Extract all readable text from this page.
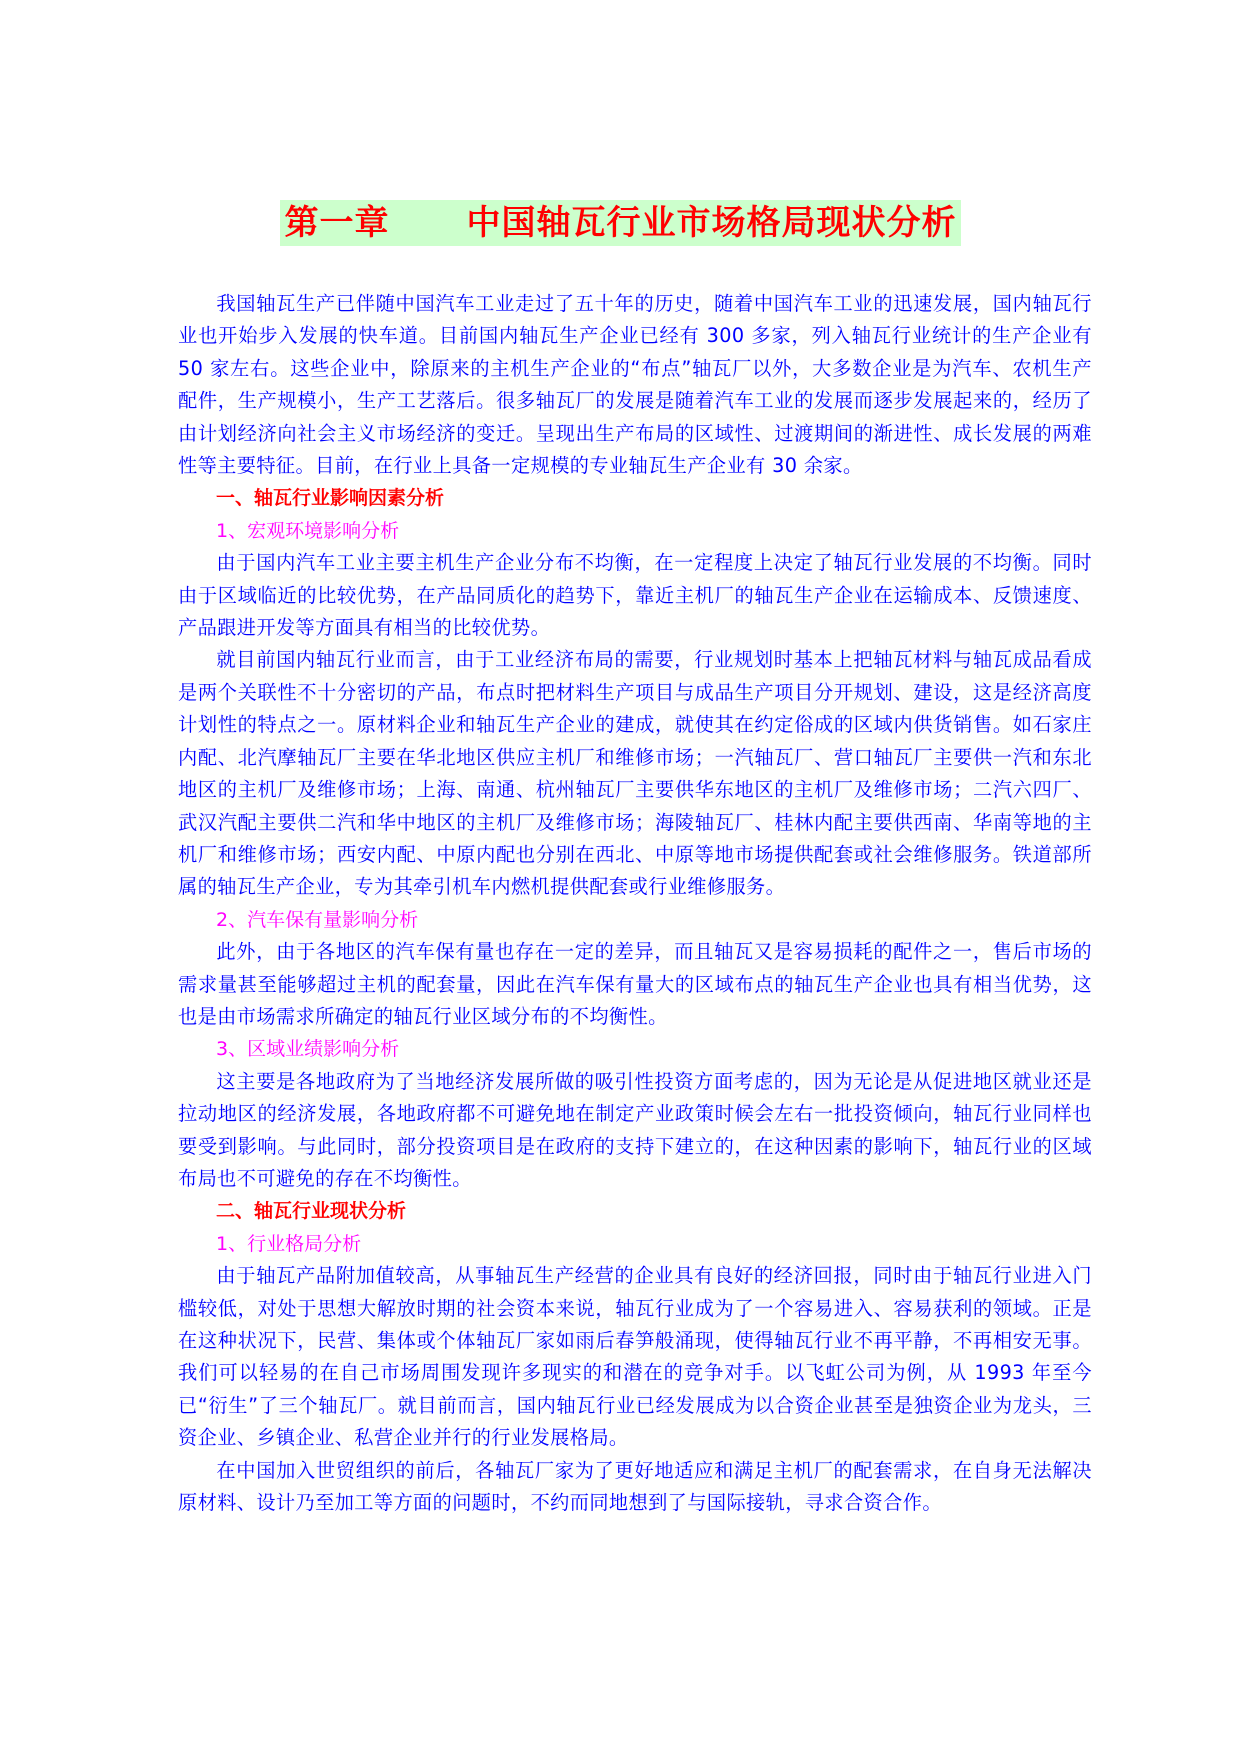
第一章      中国轴瓦行业市场格局现状分析

我国轴瓦生产已伴随中国汽车工业走过了五十年的历史，随着中国汽车工业的迅速发展，国内轴瓦行业也开始步入发展的快车道。目前国内轴瓦生产企业已经有 300 多家，列入轴瓦行业统计的生产企业有 50 家左右。这些企业中，除原来的主机生产企业的“布点”轴瓦厂以外，大多数企业是为汽车、农机生产配件，生产规模小，生产工艺落后。很多轴瓦厂的发展是随着汽车工业的发展而逐步发展起来的，经历了由计划经济向社会主义市场经济的变迁。呈现出生产布局的区域性、过渡期间的渐进性、成长发展的两难性等主要特征。目前，在行业上具备一定规模的专业轴瓦生产企业有 30 余家。

一、轴瓦行业影响因素分析

1、宏观环境影响分析

由于国内汽车工业主要主机生产企业分布不均衡，在一定程度上决定了轴瓦行业发展的不均衡。同时由于区域临近的比较优势，在产品同质化的趋势下，靠近主机厂的轴瓦生产企业在运输成本、反馈速度、产品跟进开发等方面具有相当的比较优势。

就目前国内轴瓦行业而言，由于工业经济布局的需要，行业规划时基本上把轴瓦材料与轴瓦成品看成是两个关联性不十分密切的产品，布点时把材料生产项目与成品生产项目分开规划、建设，这是经济高度计划性的特点之一。原材料企业和轴瓦生产企业的建成，就使其在约定俗成的区域内供货销售。如石家庄内配、北汽摩轴瓦厂主要在华北地区供应主机厂和维修市场；一汽轴瓦厂、营口轴瓦厂主要供一汽和东北地区的主机厂及维修市场；上海、南通、杭州轴瓦厂主要供华东地区的主机厂及维修市场；二汽六四厂、武汉汽配主要供二汽和华中地区的主机厂及维修市场；海陵轴瓦厂、桂林内配主要供西南、华南等地的主机厂和维修市场；西安内配、中原内配也分别在西北、中原等地市场提供配套或社会维修服务。铁道部所属的轴瓦生产企业，专为其牵引机车内燃机提供配套或行业维修服务。

2、汽车保有量影响分析

此外，由于各地区的汽车保有量也存在一定的差异，而且轴瓦又是容易损耗的配件之一，售后市场的需求量甚至能够超过主机的配套量，因此在汽车保有量大的区域布点的轴瓦生产企业也具有相当优势，这也是由市场需求所确定的轴瓦行业区域分布的不均衡性。

3、区域业绩影响分析

这主要是各地政府为了当地经济发展所做的吸引性投资方面考虑的，因为无论是从促进地区就业还是拉动地区的经济发展，各地政府都不可避免地在制定产业政策时候会左右一批投资倾向，轴瓦行业同样也要受到影响。与此同时，部分投资项目是在政府的支持下建立的，在这种因素的影响下，轴瓦行业的区域布局也不可避免的存在不均衡性。

二、轴瓦行业现状分析

1、行业格局分析

由于轴瓦产品附加值较高，从事轴瓦生产经营的企业具有良好的经济回报，同时由于轴瓦行业进入门槛较低，对处于思想大解放时期的社会资本来说，轴瓦行业成为了一个容易进入、容易获利的领域。正是在这种状况下，民营、集体或个体轴瓦厂家如雨后春笋般涌现，使得轴瓦行业不再平静，不再相安无事。我们可以轻易的在自己市场周围发现许多现实的和潜在的竞争对手。以飞虹公司为例，从 1993 年至今已“衍生”了三个轴瓦厂。就目前而言，国内轴瓦行业已经发展成为以合资企业甚至是独资企业为龙头，三资企业、乡镇企业、私营企业并行的行业发展格局。

在中国加入世贸组织的前后，各轴瓦厂家为了更好地适应和满足主机厂的配套需求，在自身无法解决原材料、设计乃至加工等方面的问题时，不约而同地想到了与国际接轨，寻求合资合作。
